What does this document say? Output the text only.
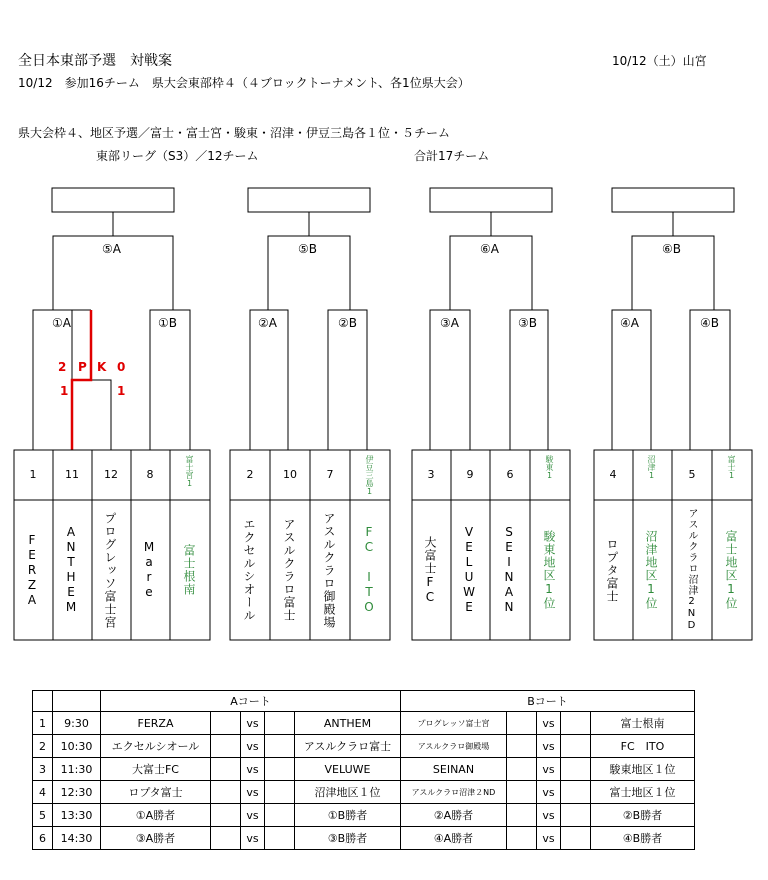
全日本東部予選　対戦案	10/12（土）山宮
10/12　参加16チーム　県大会東部枠４（４ブロックトーナメント、各1位県大会）
県大会枠４、地区予選／富士・富士宮・駿東・沼津・伊豆三島各１位・５チーム
東部リーグ（S3）／12チーム	合計17チーム
⑤A	⑤B	⑥A	⑥B
①A	①B	②A	②B	③A	③B	④A	④B
2 P K 0
1	1
1
FERZA
11
ANTHEM
12
プログレッソ富士宮
8
Mare
富士宮1
富士根南
2
エクセルシオール
10
アスルクラロ富士
7
アスルクラロ御殿場
伊豆三島1
FC ITO
3
大富士FC
9
VELUWE
6
SEINAN
駿東1
駿東地区1位
4
ロプタ富士
沼津1
沼津地区1位
5
アスルクラロ沼津2ND
富士1
富士地区1位
		Aコート					Bコート				
1	9:30	FERZA		vs		ANTHEM	プログレッソ富士宮		vs		富士根南
2	10:30	エクセルシオール		vs		アスルクラロ富士	アスルクラロ御殿場		vs		FC　ITO
3	11:30	大富士FC		vs		VELUWE	SEINAN		vs		駿東地区１位
4	12:30	ロプタ富士		vs		沼津地区１位	アスルクラロ沼津２ND		vs		富士地区１位
5	13:30	①A勝者		vs		①B勝者	②A勝者		vs		②B勝者
6	14:30	③A勝者		vs		③B勝者	④A勝者		vs		④B勝者
